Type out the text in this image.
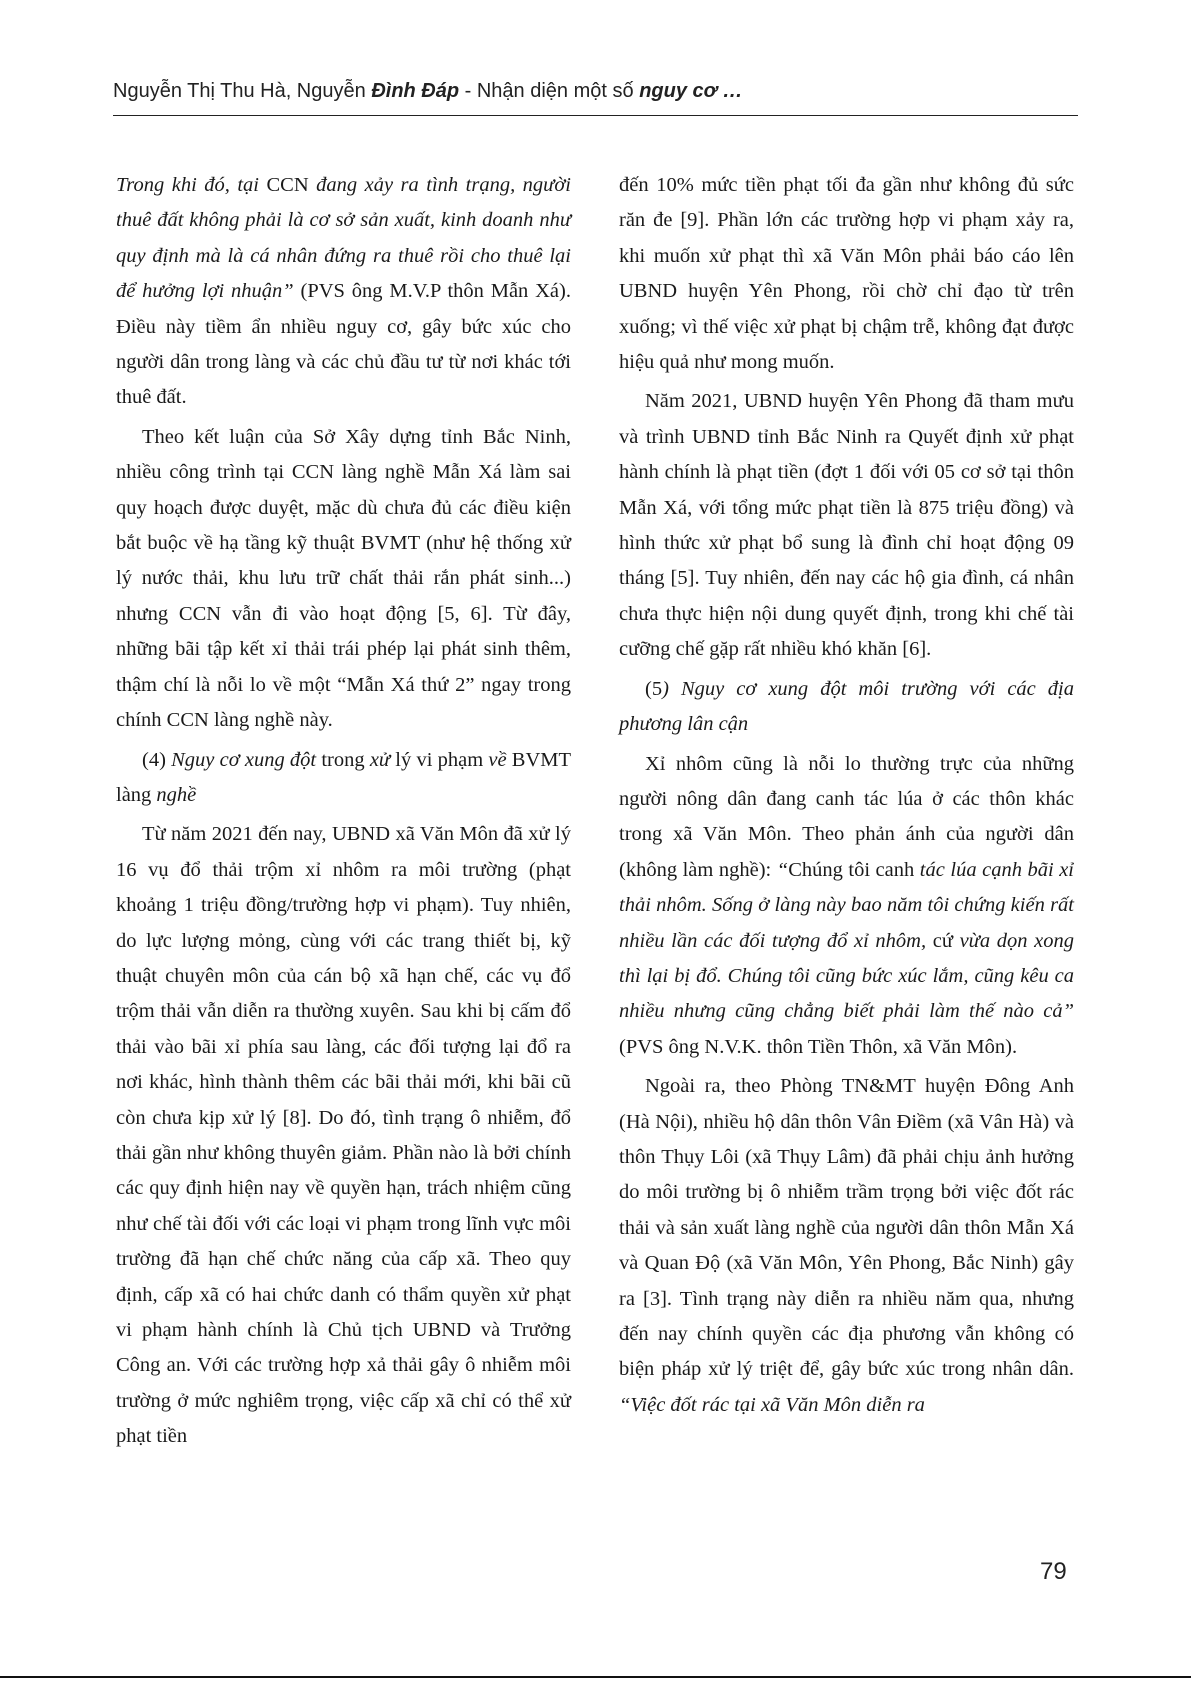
Nguyễn Thị Thu Hà, Nguyễn Đình Đáp - Nhận diện một số nguy cơ …

Trong khi đó, tại CCN đang xảy ra tình trạng, người thuê đất không phải là cơ sở sản xuất, kinh doanh như quy định mà là cá nhân đứng ra thuê rồi cho thuê lại để hưởng lợi nhuận” (PVS ông M.V.P thôn Mẫn Xá). Điều này tiềm ẩn nhiều nguy cơ, gây bức xúc cho người dân trong làng và các chủ đầu tư từ nơi khác tới thuê đất.

Theo kết luận của Sở Xây dựng tỉnh Bắc Ninh, nhiều công trình tại CCN làng nghề Mẫn Xá làm sai quy hoạch được duyệt, mặc dù chưa đủ các điều kiện bắt buộc về hạ tầng kỹ thuật BVMT (như hệ thống xử lý nước thải, khu lưu trữ chất thải rắn phát sinh...) nhưng CCN vẫn đi vào hoạt động [5, 6]. Từ đây, những bãi tập kết xỉ thải trái phép lại phát sinh thêm, thậm chí là nỗi lo về một “Mẫn Xá thứ 2” ngay trong chính CCN làng nghề này.

(4) Nguy cơ xung đột trong xử lý vi phạm về BVMT làng nghề

Từ năm 2021 đến nay, UBND xã Văn Môn đã xử lý 16 vụ đổ thải trộm xỉ nhôm ra môi trường (phạt khoảng 1 triệu đồng/trường hợp vi phạm). Tuy nhiên, do lực lượng mỏng, cùng với các trang thiết bị, kỹ thuật chuyên môn của cán bộ xã hạn chế, các vụ đổ trộm thải vẫn diễn ra thường xuyên. Sau khi bị cấm đổ thải vào bãi xỉ phía sau làng, các đối tượng lại đổ ra nơi khác, hình thành thêm các bãi thải mới, khi bãi cũ còn chưa kịp xử lý [8]. Do đó, tình trạng ô nhiễm, đổ thải gần như không thuyên giảm. Phần nào là bởi chính các quy định hiện nay về quyền hạn, trách nhiệm cũng như chế tài đối với các loại vi phạm trong lĩnh vực môi trường đã hạn chế chức năng của cấp xã. Theo quy định, cấp xã có hai chức danh có thẩm quyền xử phạt vi phạm hành chính là Chủ tịch UBND và Trưởng Công an. Với các trường hợp xả thải gây ô nhiễm môi trường ở mức nghiêm trọng, việc cấp xã chỉ có thể xử phạt tiền

đến 10% mức tiền phạt tối đa gần như không đủ sức răn đe [9]. Phần lớn các trường hợp vi phạm xảy ra, khi muốn xử phạt thì xã Văn Môn phải báo cáo lên UBND huyện Yên Phong, rồi chờ chỉ đạo từ trên xuống; vì thế việc xử phạt bị chậm trễ, không đạt được hiệu quả như mong muốn.

Năm 2021, UBND huyện Yên Phong đã tham mưu và trình UBND tỉnh Bắc Ninh ra Quyết định xử phạt hành chính là phạt tiền (đợt 1 đối với 05 cơ sở tại thôn Mẫn Xá, với tổng mức phạt tiền là 875 triệu đồng) và hình thức xử phạt bổ sung là đình chỉ hoạt động 09 tháng [5]. Tuy nhiên, đến nay các hộ gia đình, cá nhân chưa thực hiện nội dung quyết định, trong khi chế tài cưỡng chế gặp rất nhiều khó khăn [6].

(5) Nguy cơ xung đột môi trường với các địa phương lân cận

Xỉ nhôm cũng là nỗi lo thường trực của những người nông dân đang canh tác lúa ở các thôn khác trong xã Văn Môn. Theo phản ánh của người dân (không làm nghề): “Chúng tôi canh tác lúa cạnh bãi xỉ thải nhôm. Sống ở làng này bao năm tôi chứng kiến rất nhiều lần các đối tượng đổ xỉ nhôm, cứ vừa dọn xong thì lại bị đổ. Chúng tôi cũng bức xúc lắm, cũng kêu ca nhiều nhưng cũng chẳng biết phải làm thế nào cả” (PVS ông N.V.K. thôn Tiền Thôn, xã Văn Môn).

Ngoài ra, theo Phòng TN&MT huyện Đông Anh (Hà Nội), nhiều hộ dân thôn Vân Điềm (xã Vân Hà) và thôn Thụy Lôi (xã Thụy Lâm) đã phải chịu ảnh hưởng do môi trường bị ô nhiễm trầm trọng bởi việc đốt rác thải và sản xuất làng nghề của người dân thôn Mẫn Xá và Quan Độ (xã Văn Môn, Yên Phong, Bắc Ninh) gây ra [3]. Tình trạng này diễn ra nhiều năm qua, nhưng đến nay chính quyền các địa phương vẫn không có biện pháp xử lý triệt để, gây bức xúc trong nhân dân. “Việc đốt rác tại xã Văn Môn diễn ra

79
